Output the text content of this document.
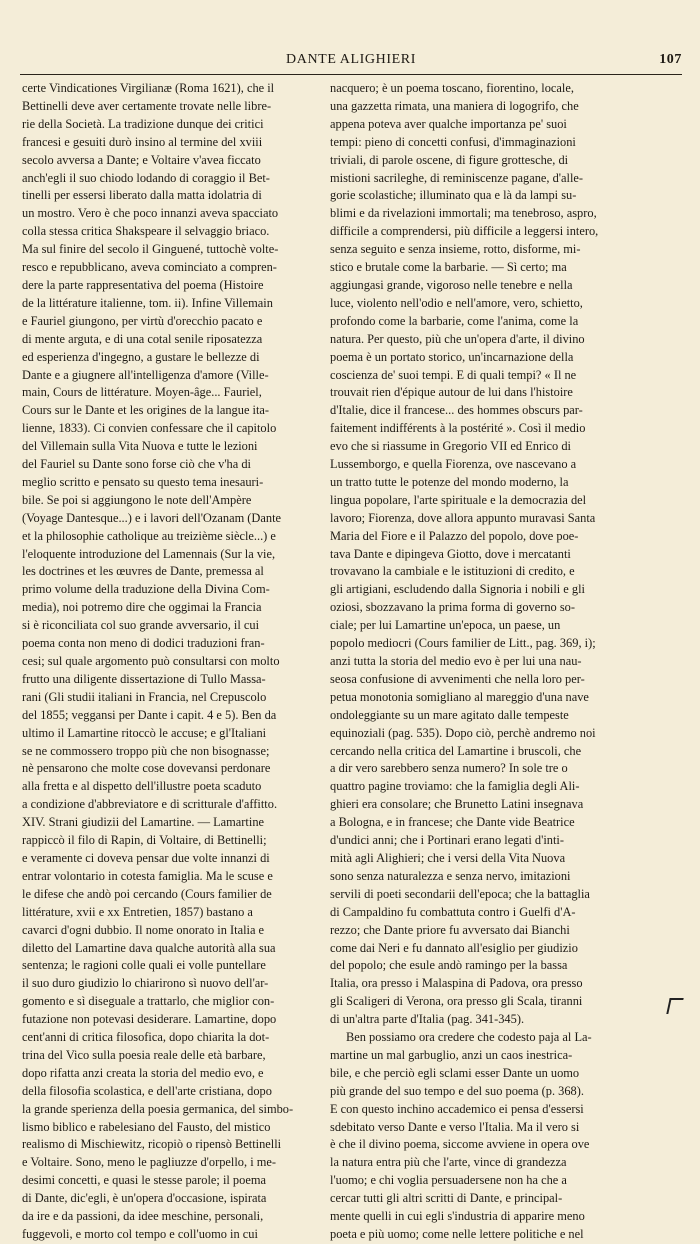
DANTE ALIGHIERI	107
certe Vindicationes Virgilianæ (Roma 1621), che il
Bettinelli deve aver certamente trovate nelle libre-
rie della Società. La tradizione dunque dei critici
francesi e gesuiti durò insino al termine del xviii
secolo avversa a Dante; e Voltaire v'avea ficcato
anch'egli il suo chiodo lodando di coraggio il Bet-
tinelli per essersi liberato dalla matta idolatria di
un mostro. Vero è che poco innanzi aveva spacciato
colla stessa critica Shakspeare il selvaggio briaco.
Ma sul finire del secolo il Ginguené, tuttochè volte-
resco e repubblicano, aveva cominciato a compren-
dere la parte rappresentativa del poema (Histoire
de la littérature italienne, tom. ii). Infine Villemain
e Fauriel giungono, per virtù d'orecchio pacato e
di mente arguta, e di una cotal senile riposatezza
ed esperienza d'ingegno, a gustare le bellezze di
Dante e a giugnere all'intelligenza d'amore (Ville-
main, Cours de littérature. Moyen-âge... Fauriel,
Cours sur le Dante et les origines de la langue ita-
lienne, 1833). Ci convien confessare che il capitolo
del Villemain sulla Vita Nuova e tutte le lezioni
del Fauriel su Dante sono forse ciò che v'ha di
meglio scritto e pensato su questo tema inesauri-
bile. Se poi si aggiungono le note dell'Ampère
(Voyage Dantesque...) e i lavori dell'Ozanam (Dante
et la philosophie catholique au treizième siècle...) e
l'eloquente introduzione del Lamennais (Sur la vie,
les doctrines et les œuvres de Dante, premessa al
primo volume della traduzione della Divina Com-
media), noi potremo dire che oggimai la Francia
si è riconciliata col suo grande avversario, il cui
poema conta non meno di dodici traduzioni fran-
cesi; sul quale argomento può consultarsi con molto
frutto una diligente dissertazione di Tullo Massa-
rani (Gli studii italiani in Francia, nel Crepuscolo
del 1855; veggansi per Dante i capit. 4 e 5). Ben da
ultimo il Lamartine ritoccò le accuse; e gl'Italiani
se ne commossero troppo più che non bisognasse;
nè pensarono che molte cose dovevansi perdonare
alla fretta e al dispetto dell'illustre poeta scaduto
a condizione d'abbreviatore e di scritturale d'affitto.
XIV. Strani giudizii del Lamartine. — Lamartine
rappiccò il filo di Rapin, di Voltaire, di Bettinelli;
e veramente ci doveva pensar due volte innanzi di
entrar volontario in cotesta famiglia. Ma le scuse e
le difese che andò poi cercando (Cours familier de
littérature, xvii e xx Entretien, 1857) bastano a
cavarci d'ogni dubbio. Il nome onorato in Italia e
diletto del Lamartine dava qualche autorità alla sua
sentenza; le ragioni colle quali ei volle puntellare
il suo duro giudizio lo chiarirono sì nuovo dell'ar-
gomento e sì diseguale a trattarlo, che miglior con-
futazione non potevasi desiderare. Lamartine, dopo
cent'anni di critica filosofica, dopo chiarita la dot-
trina del Vico sulla poesia reale delle età barbare,
dopo rifatta anzi creata la storia del medio evo, e
della filosofia scolastica, e dell'arte cristiana, dopo
la grande sperienza della poesia germanica, del simbo-
lismo biblico e rabelesiano del Fausto, del mistico
realismo di Mischiewitz, ricopiò o ripensò Bettinelli
e Voltaire. Sono, meno le pagliuzze d'orpello, i me-
desimi concetti, e quasi le stesse parole; il poema
di Dante, dic'egli, è un'opera d'occasione, ispirata
da ire e da passioni, da idee meschine, personali,
fuggevoli, e morto col tempo e coll'uomo in cui
nacquero; è un poema toscano, fiorentino, locale,
una gazzetta rimata, una maniera di logogrifo, che
appena poteva aver qualche importanza pe' suoi
tempi: pieno di concetti confusi, d'immaginazioni
triviali, di parole oscene, di figure grottesche, di
mistioni sacrileghe, di reminiscenze pagane, d'alle-
gorie scolastiche; illuminato qua e là da lampi su-
blimi e da rivelazioni immortali; ma tenebroso, aspro,
difficile a comprendersi, più difficile a leggersi intero,
senza seguito e senza insieme, rotto, disforme, mi-
stico e brutale come la barbarie. — Sì certo; ma
aggiungasi grande, vigoroso nelle tenebre e nella
luce, violento nell'odio e nell'amore, vero, schietto,
profondo come la barbarie, come l'anima, come la
natura. Per questo, più che un'opera d'arte, il divino
poema è un portato storico, un'incarnazione della
coscienza de' suoi tempi. E di quali tempi? « Il ne
trouvait rien d'épique autour de lui dans l'histoire
d'Italie, dice il francese... des hommes obscurs par-
faitement indifférents à la postérité ». Così il medio
evo che si riassume in Gregorio VII ed Enrico di
Lussemborgo, e quella Fiorenza, ove nascevano a
un tratto tutte le potenze del mondo moderno, la
lingua popolare, l'arte spirituale e la democrazia del
lavoro; Fiorenza, dove allora appunto muravasi Santa
Maria del Fiore e il Palazzo del popolo, dove poe-
tava Dante e dipingeva Giotto, dove i mercatanti
trovavano la cambiale e le istituzioni di credito, e
gli artigiani, escludendo dalla Signoria i nobili e gli
oziosi, sbozzavano la prima forma di governo so-
ciale; per lui Lamartine un'epoca, un paese, un
popolo mediocri (Cours familier de Litt., pag. 369, i);
anzi tutta la storia del medio evo è per lui una nau-
seosa confusione di avvenimenti che nella loro per-
petua monotonia somigliano al mareggio d'una nave
ondoleggiante su un mare agitato dalle tempeste
equinoziali (pag. 535). Dopo ciò, perchè andremo noi
cercando nella critica del Lamartine i bruscoli, che
a dir vero sarebbero senza numero? In sole tre o
quattro pagine troviamo: che la famiglia degli Ali-
ghieri era consolare; che Brunetto Latini insegnava
a Bologna, e in francese; che Dante vide Beatrice
d'undici anni; che i Portinari erano legati d'inti-
mità agli Alighieri; che i versi della Vita Nuova
sono senza naturalezza e senza nervo, imitazioni
servili di poeti secondarii dell'epoca; che la battaglia
di Campaldino fu combattuta contro i Guelfi d'A-
rezzo; che Dante priore fu avversato dai Bianchi
come dai Neri e fu dannato all'esiglio per giudizio
del popolo; che esule andò ramingo per la bassa
Italia, ora presso i Malaspina di Padova, ora presso
gli Scaligeri di Verona, ora presso gli Scala, tiranni
di un'altra parte d'Italia (pag. 341-345).
Ben possiamo ora credere che codesto paja al La-
martine un mal garbuglio, anzi un caos inestrica-
bile, e che perciò egli sclami esser Dante un uomo
più grande del suo tempo e del suo poema (p. 368).
E con questo inchino accademico ei pensa d'essersi
sdebitato verso Dante e verso l'Italia. Ma il vero si
è che il divino poema, siccome avviene in opera ove
la natura entra più che l'arte, vince di grandezza
l'uomo; e chi voglia persuadersene non ha che a
cercar tutti gli altri scritti di Dante, e principal-
mente quelli in cui egli s'industria di apparire meno
poeta e più uomo; come nelle lettere politiche e nel
